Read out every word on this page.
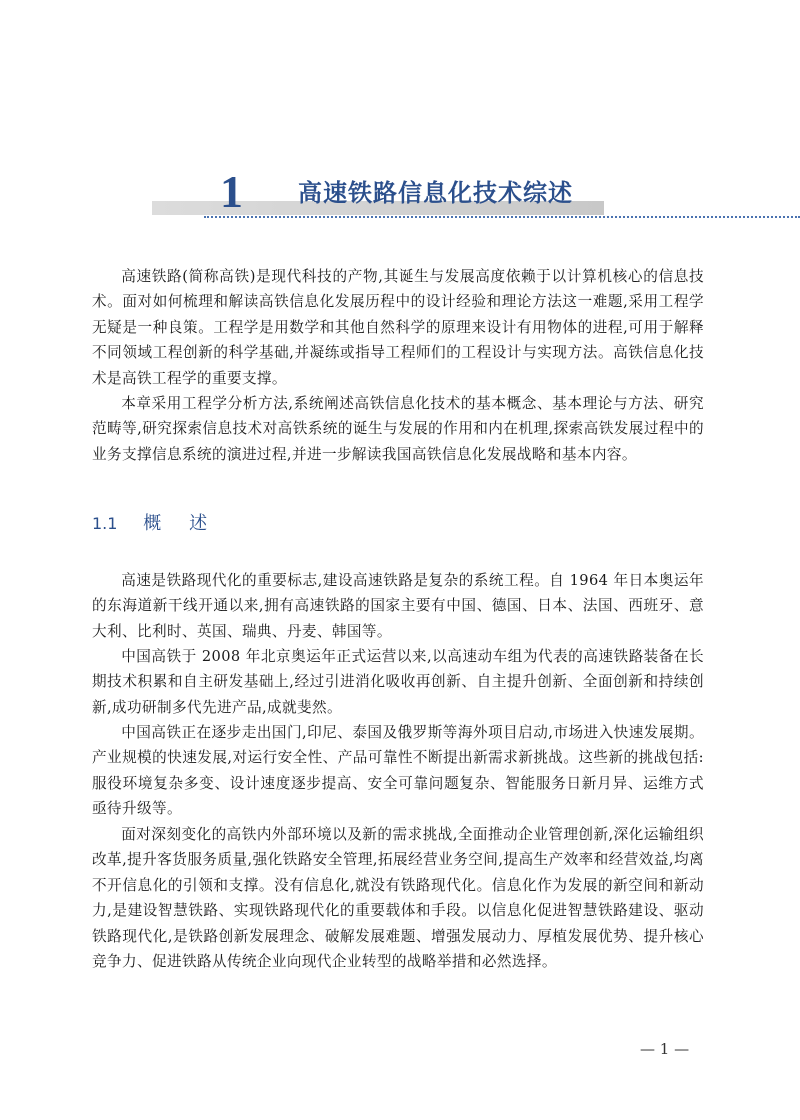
1 高速铁路信息化技术综述

高速铁路(简称高铁)是现代科技的产物,其诞生与发展高度依赖于以计算机核心的信息技术。面对如何梳理和解读高铁信息化发展历程中的设计经验和理论方法这一难题,采用工程学无疑是一种良策。工程学是用数学和其他自然科学的原理来设计有用物体的进程,可用于解释不同领域工程创新的科学基础,并凝练或指导工程师们的工程设计与实现方法。高铁信息化技术是高铁工程学的重要支撑。

本章采用工程学分析方法,系统阐述高铁信息化技术的基本概念、基本理论与方法、研究范畴等,研究探索信息技术对高铁系统的诞生与发展的作用和内在机理,探索高铁发展过程中的业务支撑信息系统的演进过程,并进一步解读我国高铁信息化发展战略和基本内容。

1.1 概述

高速是铁路现代化的重要标志,建设高速铁路是复杂的系统工程。自 1964 年日本奥运年的东海道新干线开通以来,拥有高速铁路的国家主要有中国、德国、日本、法国、西班牙、意大利、比利时、英国、瑞典、丹麦、韩国等。

中国高铁于 2008 年北京奥运年正式运营以来,以高速动车组为代表的高速铁路装备在长期技术积累和自主研发基础上,经过引进消化吸收再创新、自主提升创新、全面创新和持续创新,成功研制多代先进产品,成就斐然。

中国高铁正在逐步走出国门,印尼、泰国及俄罗斯等海外项目启动,市场进入快速发展期。产业规模的快速发展,对运行安全性、产品可靠性不断提出新需求新挑战。这些新的挑战包括:服役环境复杂多变、设计速度逐步提高、安全可靠问题复杂、智能服务日新月异、运维方式亟待升级等。

面对深刻变化的高铁内外部环境以及新的需求挑战,全面推动企业管理创新,深化运输组织改革,提升客货服务质量,强化铁路安全管理,拓展经营业务空间,提高生产效率和经营效益,均离不开信息化的引领和支撑。没有信息化,就没有铁路现代化。信息化作为发展的新空间和新动力,是建设智慧铁路、实现铁路现代化的重要载体和手段。以信息化促进智慧铁路建设、驱动铁路现代化,是铁路创新发展理念、破解发展难题、增强发展动力、厚植发展优势、提升核心竞争力、促进铁路从传统企业向现代企业转型的战略举措和必然选择。

— 1 —
